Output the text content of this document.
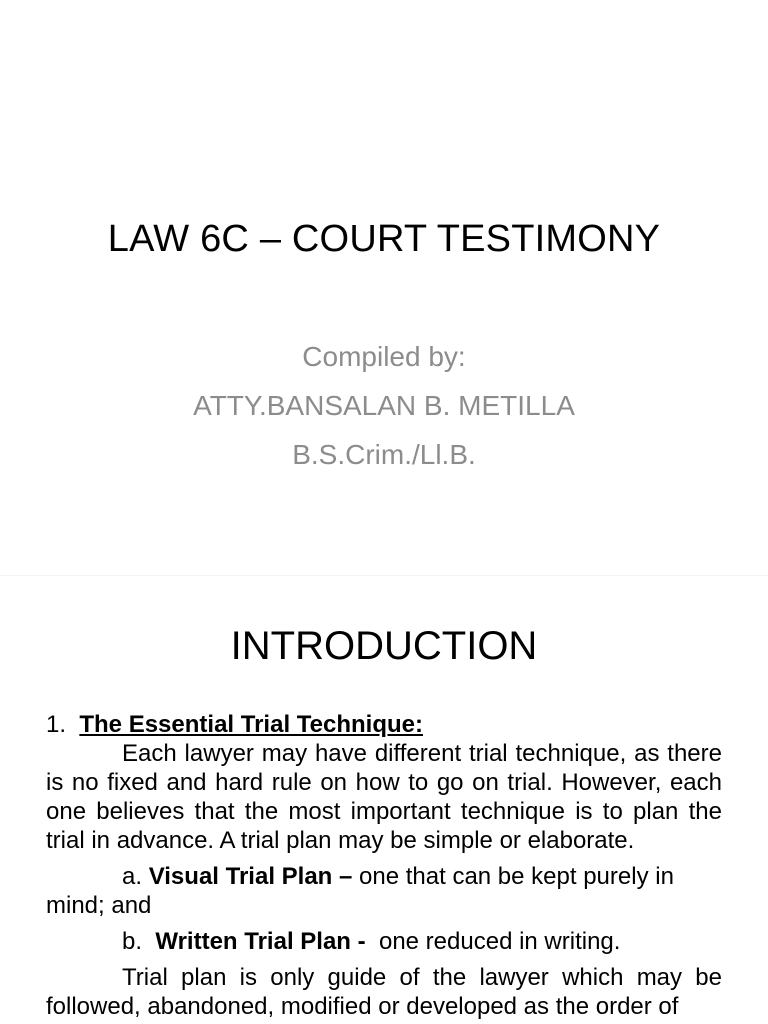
LAW 6C – COURT TESTIMONY
Compiled by:
ATTY.BANSALAN B. METILLA
B.S.Crim./Ll.B.
INTRODUCTION
1. The Essential Trial Technique:
Each lawyer may have different trial technique, as there is no fixed and hard rule on how to go on trial. However, each one believes that the most important technique is to plan the trial in advance. A trial plan may be simple or elaborate.
a. Visual Trial Plan – one that can be kept purely in mind; and
b. Written Trial Plan - one reduced in writing.
Trial plan is only guide of the lawyer which may be followed, abandoned, modified or developed as the order of
